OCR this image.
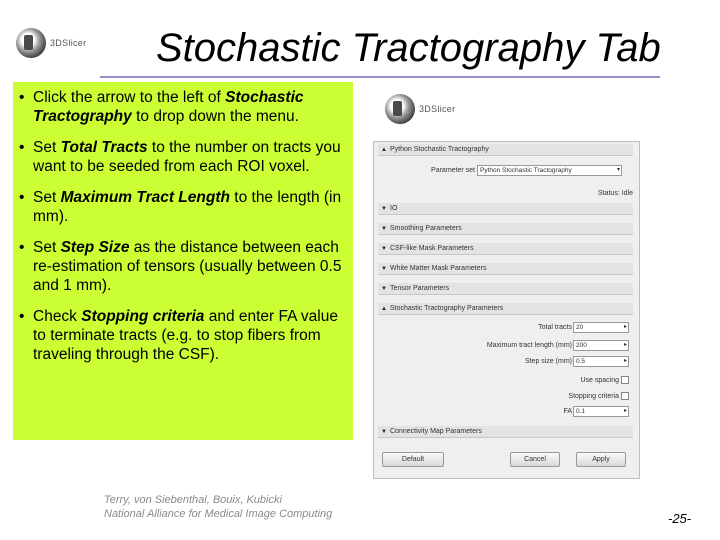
3DSlicer Stochastic Tractography Tab
• Click the arrow to the left of Stochastic Tractography to drop down the menu.
• Set Total Tracts to the number on tracts you want to be seeded from each ROI voxel.
• Set Maximum Tract Length to the length (in mm).
• Set Step Size as the distance between each re-estimation of tensors (usually between 0.5 and 1 mm).
• Check Stopping criteria and enter FA value to terminate tracts (e.g. to stop fibers from traveling through the CSF).
3DSlicer
▲ Python Stochastic Tractography
Parameter set Python Stochastic Tractography	▾
Status: Idle
▼ IO
▼ Smoothing Parameters
▼ CSF-like Mask Parameters
▼ White Matter Mask Parameters
▼ Tensor Parameters
▲ Stochastic Tractography Parameters
Total tracts 20	▸
Maximum tract length (mm) 200	▸
Step size (mm) 0.5	▸
Use spacing
Stopping criteria
FA 0.1	▸
▼ Connectivity Map Parameters
Default	Cancel	Apply
Terry, von Siebenthal, Bouix, Kubicki
National Alliance for Medical Image Computing	-25-
